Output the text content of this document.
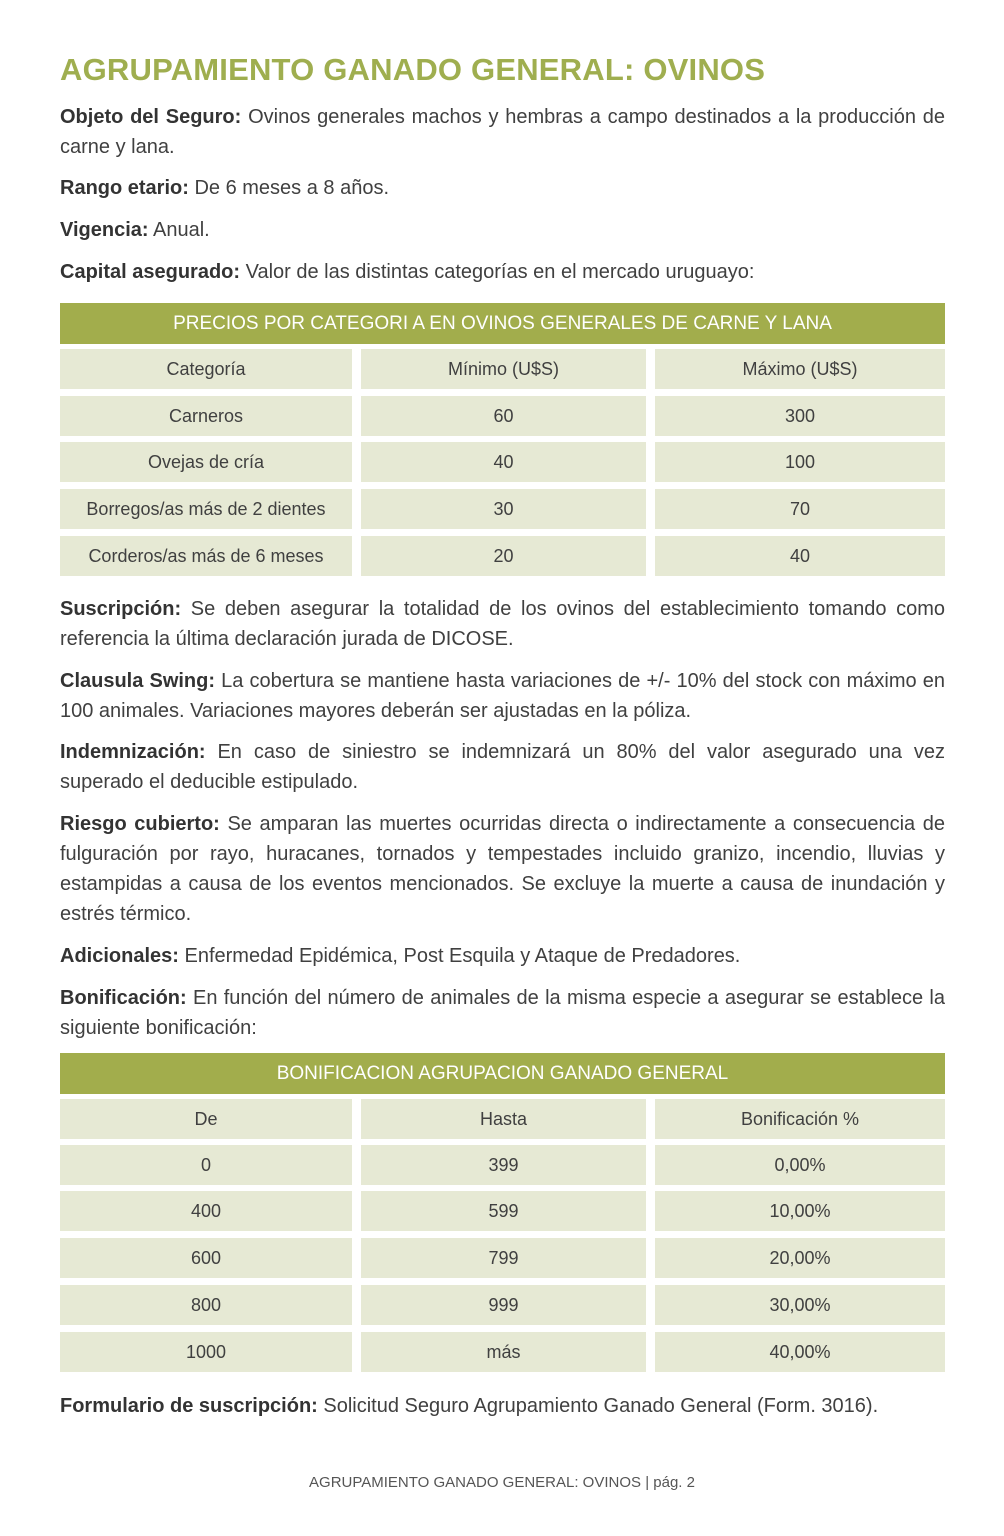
AGRUPAMIENTO GANADO GENERAL: OVINOS

Objeto del Seguro: Ovinos generales machos y hembras a campo destinados a la producción de carne y lana.

Rango etario: De 6 meses a 8 años.

Vigencia: Anual.

Capital asegurado: Valor de las distintas categorías en el mercado uruguayo:

PRECIOS POR CATEGORI A EN OVINOS GENERALES DE CARNE Y LANA
Categoría	Mínimo (U$S)	Máximo (U$S)
Carneros	60	300
Ovejas de cría	40	100
Borregos/as más de 2 dientes	30	70
Corderos/as más de 6 meses	20	40

Suscripción: Se deben asegurar la totalidad de los ovinos del establecimiento tomando como referencia la última declaración jurada de DICOSE.

Clausula Swing: La cobertura se mantiene hasta variaciones de +/- 10% del stock con máximo en 100 animales. Variaciones mayores deberán ser ajustadas en la póliza.

Indemnización: En caso de siniestro se indemnizará un 80% del valor asegurado una vez superado el deducible estipulado.

Riesgo cubierto: Se amparan las muertes ocurridas directa o indirectamente a consecuencia de fulguración por rayo, huracanes, tornados y tempestades incluido granizo, incendio, lluvias y estampidas a causa de los eventos mencionados. Se excluye la muerte a causa de inundación y estrés térmico.

Adicionales: Enfermedad Epidémica, Post Esquila y Ataque de Predadores.

Bonificación: En función del número de animales de la misma especie a asegurar se establece la siguiente bonificación:

BONIFICACION AGRUPACION GANADO GENERAL
De	Hasta	Bonificación %
0	399	0,00%
400	599	10,00%
600	799	20,00%
800	999	30,00%
1000	más	40,00%

Formulario de suscripción: Solicitud Seguro Agrupamiento Ganado General (Form. 3016).

AGRUPAMIENTO GANADO GENERAL: OVINOS | pág. 2
